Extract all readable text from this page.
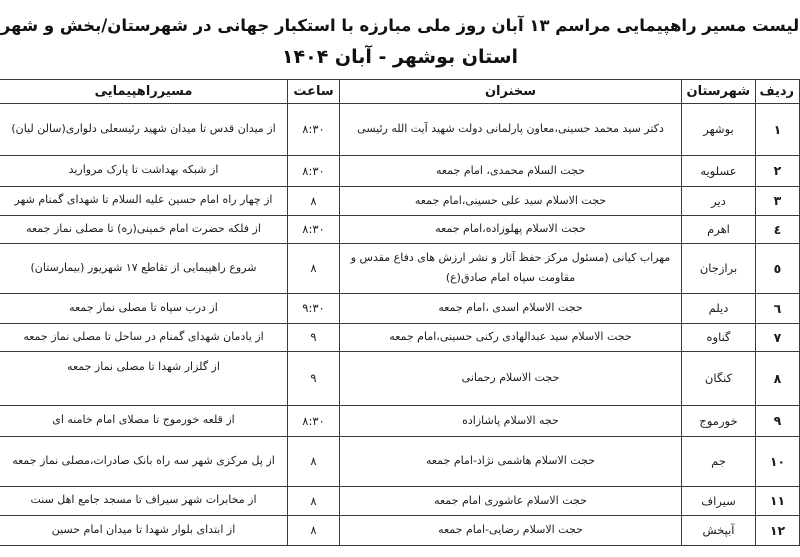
لیست مسیر راهپیمایی مراسم ۱۳ آبان روز ملی مبارزه با استکبار جهانی در شهرستان/بخش و شهر
استان بوشهر - آبان ۱۴۰۴
ردیف	شهرستان	سخنران	ساعت	مسیرراهپیمایی
۱	بوشهر	دکتر سید محمد حسینی،معاون پارلمانی دولت شهید آیت الله رئیسی	۸:۳۰	از میدان قدس تا میدان شهید رئیسعلی دلواری(سالن لیان)
۲	عسلویه	حجت السلام محمدی، امام جمعه	۸:۳۰	از شبکه بهداشت تا پارک مروارید
۳	دیر	حجت الاسلام سید علی حسینی،امام جمعه	۸	از چهار راه امام حسین علیه السلام تا شهدای گمنام شهر
٤	اهرم	حجت الاسلام پهلوزاده،امام جمعه	۸:۳۰	از فلکه حضرت امام خمینی(ره) تا مصلی نماز جمعه
٥	برازجان	مهراب کیانی (مسئول مرکز حفظ آثار و نشر ارزش های دفاع مقدس و مقاومت سپاه امام صادق(ع)	۸	شروع راهپیمایی از تقاطع ۱۷ شهریور (بیمارستان)
٦	دیلم	حجت الاسلام اسدی ،امام جمعه	۹:۳۰	از درب سپاه تا مصلی نماز جمعه
۷	گناوه	حجت الاسلام سید عبدالهادی رکنی حسینی،امام جمعه	۹	از یادمان شهدای گمنام در ساحل تا مصلی نماز جمعه
۸	کنگان	حجت الاسلام رحمانی	۹	از گلزار شهدا تا مصلی نماز جمعه
۹	خورموج	حجه الاسلام پاشازاده	۸:۳۰	از قلعه خورموج تا مصلای امام خامنه ای
۱۰	جم	حجت الاسلام هاشمی نژاد-امام جمعه	۸	از پل مرکزی شهر سه راه بانک صادرات،مصلی نماز جمعه
۱۱	سیراف	حجت الاسلام عاشوری امام جمعه	۸	از مخابرات شهر سیراف تا مسجد جامع اهل سنت
۱۲	آبپخش	حجت الاسلام رضایی-امام جمعه	۸	از ابتدای بلوار شهدا تا میدان امام حسین
